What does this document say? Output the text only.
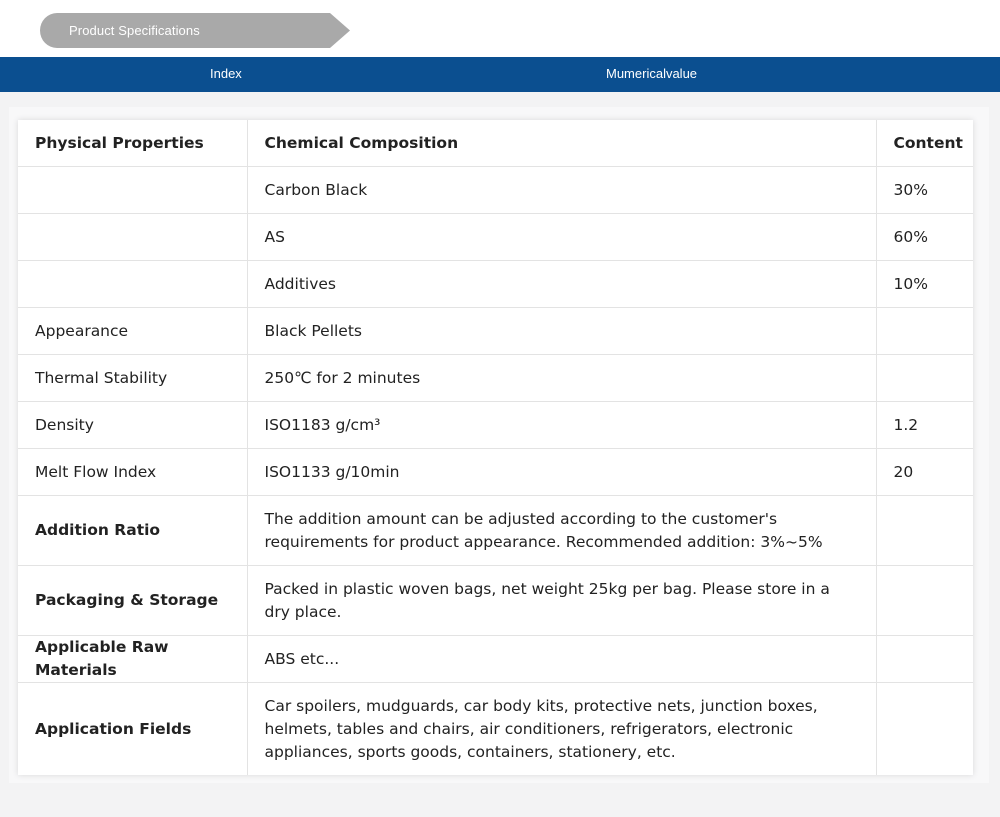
Product Specifications
Index	Mumericalvalue
Physical Properties	Chemical Composition	Content
	Carbon Black	30%
	AS	60%
	Additives	10%
Appearance	Black Pellets	
Thermal Stability	250℃ for 2 minutes	
Density	ISO1183 g/cm³	1.2
Melt Flow Index	ISO1133 g/10min	20
Addition Ratio	The addition amount can be adjusted according to the customer's requirements for product appearance. Recommended addition: 3%~5%	
Packaging & Storage	Packed in plastic woven bags, net weight 25kg per bag. Please store in a dry place.	
Applicable Raw Materials	ABS etc...	
Application Fields	Car spoilers, mudguards, car body kits, protective nets, junction boxes, helmets, tables and chairs, air conditioners, refrigerators, electronic appliances, sports goods, containers, stationery, etc.	
